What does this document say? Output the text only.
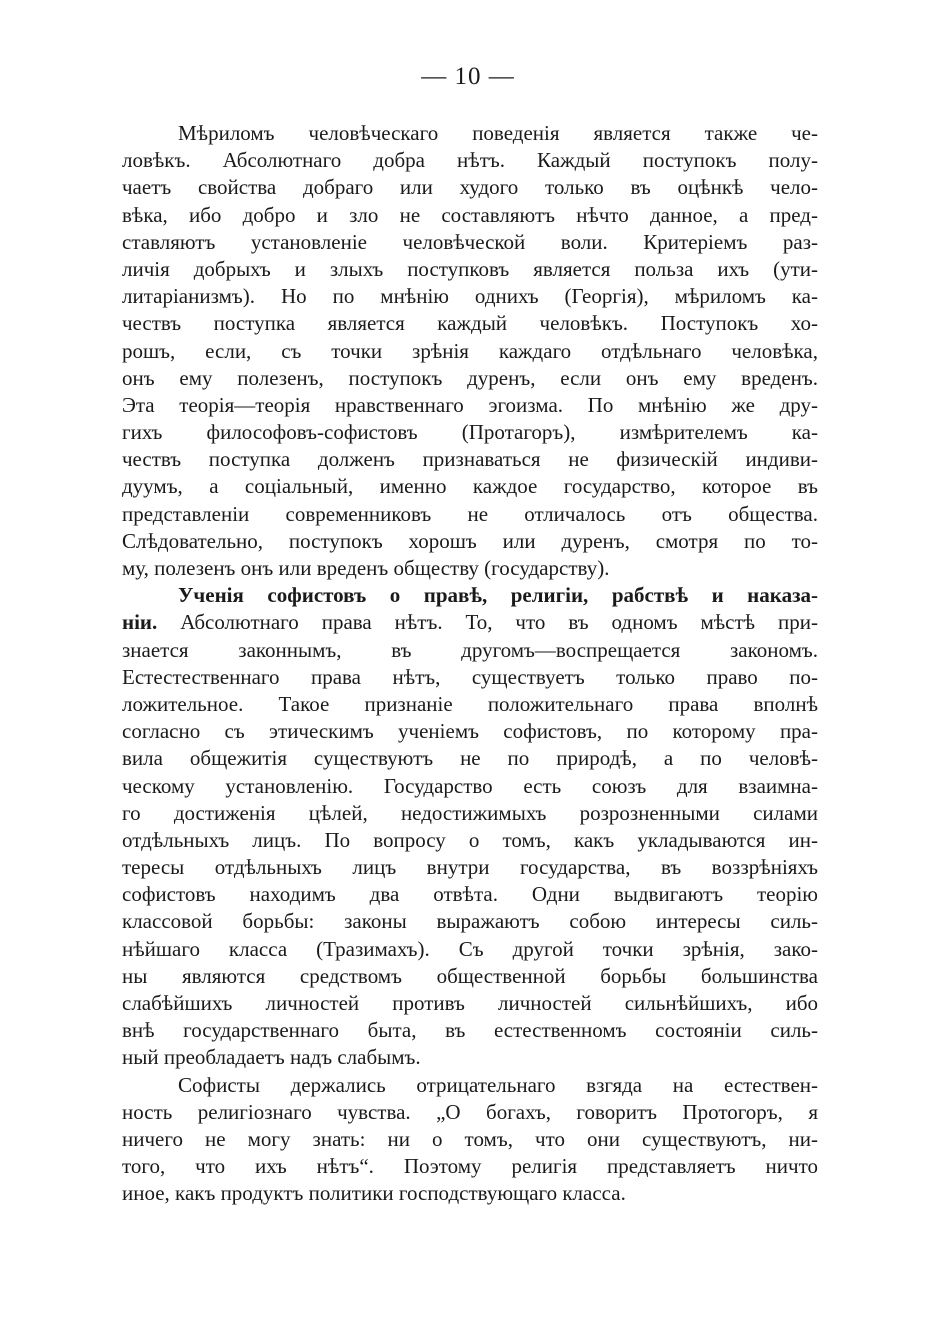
— 10 —
Мѣриломъ человѣческаго поведенія является также че-
ловѣкъ. Абсолютнаго добра нѣтъ. Каждый поступокъ полу-
чаетъ свойства добраго или худого только въ оцѣнкѣ чело-
вѣка, ибо добро и зло не составляютъ нѣчто данное, а пред-
ставляютъ установленіе человѣческой воли. Критеріемъ раз-
личія добрыхъ и злыхъ поступковъ является польза ихъ (ути-
литаріанизмъ). Но по мнѣнію однихъ (Георгія), мѣриломъ ка-
чествъ поступка является каждый человѣкъ. Поступокъ хо-
рошъ, если, съ точки зрѣнія каждаго отдѣльнаго человѣка,
онъ ему полезенъ, поступокъ дуренъ, если онъ ему вреденъ.
Эта теорія—теорія нравственнаго эгоизма. По мнѣнію же дру-
гихъ философовъ-софистовъ (Протагоръ), измѣрителемъ ка-
чествъ поступка долженъ признаваться не физическій индиви-
дуумъ, а соціальный, именно каждое государство, которое въ
представленіи современниковъ не отличалось отъ общества.
Слѣдовательно, поступокъ хорошъ или дуренъ, смотря по то-
му, полезенъ онъ или вреденъ обществу (государству).
Ученія софистовъ о правѣ, религіи, рабствѣ и наказа-
ніи. Абсолютнаго права нѣтъ. То, что въ одномъ мѣстѣ при-
знается законнымъ, въ другомъ—воспрещается закономъ.
Естестественнаго права нѣтъ, существуетъ только право по-
ложительное. Такое признаніе положительнаго права вполнѣ
согласно съ этическимъ ученіемъ софистовъ, по которому пра-
вила общежитія существуютъ не по природѣ, а по человѣ-
ческому установленію. Государство есть союзъ для взаимна-
го достиженія цѣлей, недостижимыхъ розрозненными силами
отдѣльныхъ лицъ. По вопросу о томъ, какъ укладываются ин-
тересы отдѣльныхъ лицъ внутри государства, въ воззрѣніяхъ
софистовъ находимъ два отвѣта. Одни выдвигаютъ теорію
классовой борьбы: законы выражаютъ собою интересы силь-
нѣйшаго класса (Тразимахъ). Съ другой точки зрѣнія, зако-
ны являются средствомъ общественной борьбы большинства
слабѣйшихъ личностей противъ личностей сильнѣйшихъ, ибо
внѣ государственнаго быта, въ естественномъ состояніи силь-
ный преобладаетъ надъ слабымъ.
Софисты держались отрицательнаго взгяда на естествен-
ность религіознаго чувства. „О богахъ, говоритъ Протогоръ, я
ничего не могу знать: ни о томъ, что они существуютъ, ни-
того, что ихъ нѣтъ“. Поэтому религія представляетъ ничто
иное, какъ продуктъ политики господствующаго класса.
